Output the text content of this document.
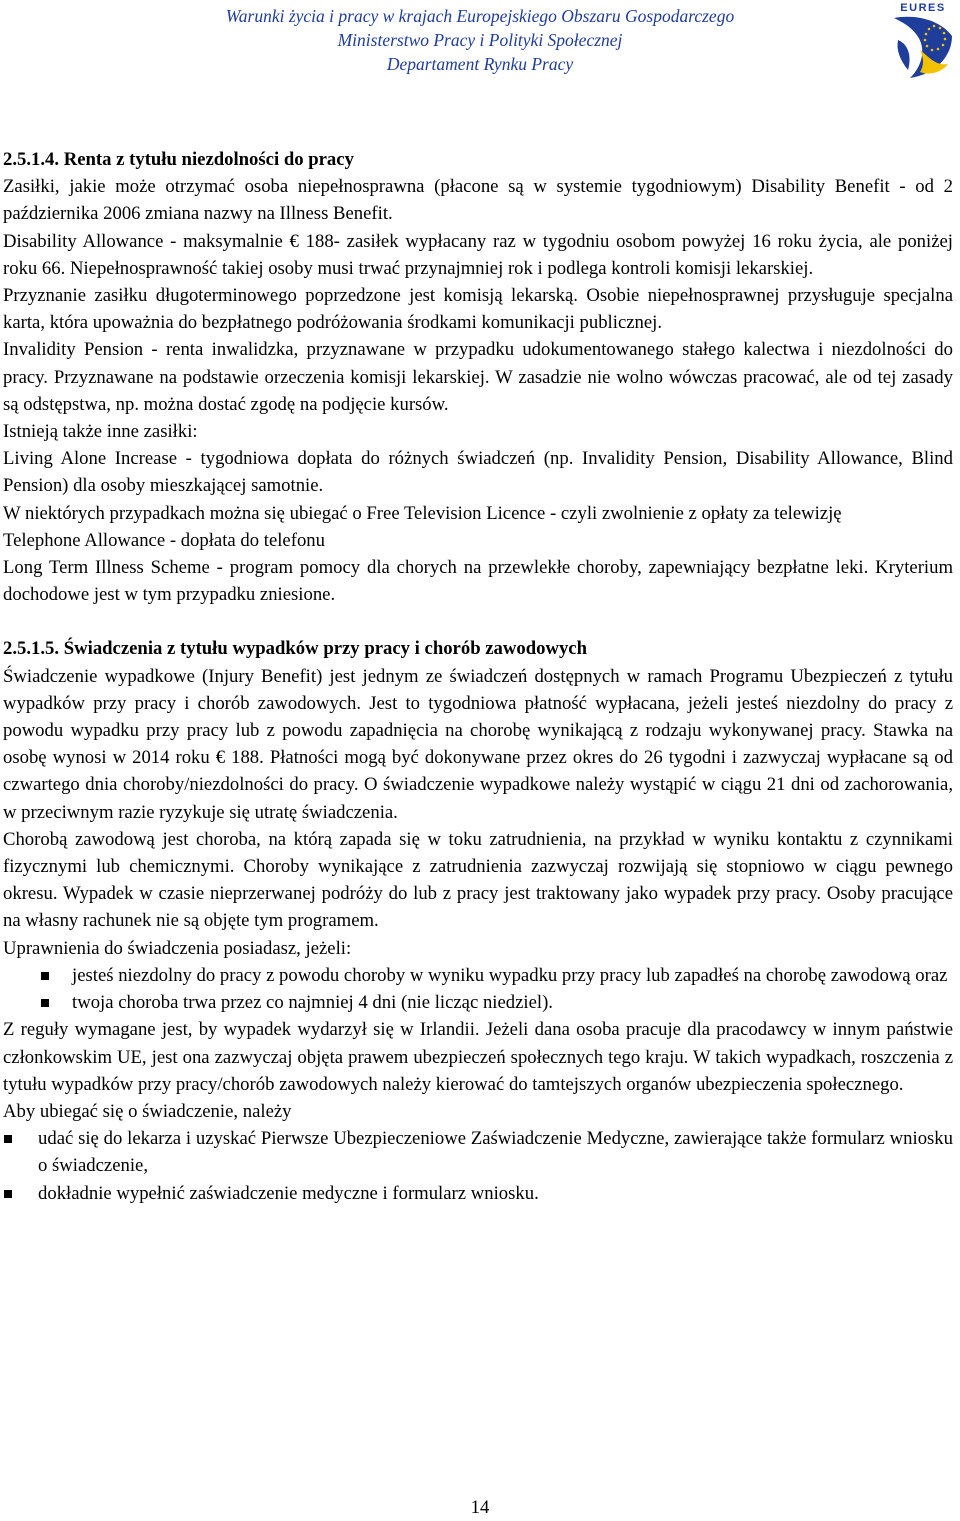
Warunki życia i pracy w krajach Europejskiego Obszaru Gospodarczego
Ministerstwo Pracy i Polityki Społecznej
Departament Rynku Pracy
EURES
2.5.1.4. Renta z tytułu niezdolności do pracy

Zasiłki, jakie może otrzymać osoba niepełnosprawna (płacone są w systemie tygodniowym) Disability Benefit - od 2 października 2006 zmiana nazwy na Illness Benefit.

Disability Allowance - maksymalnie € 188- zasiłek wypłacany raz w tygodniu osobom powyżej 16 roku życia, ale poniżej roku 66. Niepełnosprawność takiej osoby musi trwać przynajmniej rok i podlega kontroli komisji lekarskiej.

Przyznanie zasiłku długoterminowego poprzedzone jest komisją lekarską. Osobie niepełnosprawnej przysługuje specjalna karta, która upoważnia do bezpłatnego podróżowania środkami komunikacji publicznej.

Invalidity Pension - renta inwalidzka, przyznawane w przypadku udokumentowanego stałego kalectwa i niezdolności do pracy. Przyznawane na podstawie orzeczenia komisji lekarskiej. W zasadzie nie wolno wówczas pracować, ale od tej zasady są odstępstwa, np. można dostać zgodę na podjęcie kursów.

Istnieją także inne zasiłki:

Living Alone Increase - tygodniowa dopłata do różnych świadczeń (np. Invalidity Pension, Disability Allowance, Blind Pension) dla osoby mieszkającej samotnie.

W niektórych przypadkach można się ubiegać o Free Television Licence - czyli zwolnienie z opłaty za telewizję

Telephone Allowance - dopłata do telefonu

Long Term Illness Scheme - program pomocy dla chorych na przewlekłe choroby, zapewniający bezpłatne leki. Kryterium dochodowe jest w tym przypadku zniesione.

2.5.1.5. Świadczenia z tytułu wypadków przy pracy i chorób zawodowych

Świadczenie wypadkowe (Injury Benefit) jest jednym ze świadczeń dostępnych w ramach Programu Ubezpieczeń z tytułu wypadków przy pracy i chorób zawodowych. Jest to tygodniowa płatność wypłacana, jeżeli jesteś niezdolny do pracy z powodu wypadku przy pracy lub z powodu zapadnięcia na chorobę wynikającą z rodzaju wykonywanej pracy. Stawka na osobę wynosi w 2014 roku € 188. Płatności mogą być dokonywane przez okres do 26 tygodni i zazwyczaj wypłacane są od czwartego dnia choroby/niezdolności do pracy. O świadczenie wypadkowe należy wystąpić w ciągu 21 dni od zachorowania, w przeciwnym razie ryzykuje się utratę świadczenia.

Chorobą zawodową jest choroba, na którą zapada się w toku zatrudnienia, na przykład w wyniku kontaktu z czynnikami fizycznymi lub chemicznymi. Choroby wynikające z zatrudnienia zazwyczaj rozwijają się stopniowo w ciągu pewnego okresu. Wypadek w czasie nieprzerwanej podróży do lub z pracy jest traktowany jako wypadek przy pracy. Osoby pracujące na własny rachunek nie są objęte tym programem.

Uprawnienia do świadczenia posiadasz, jeżeli:

jesteś niezdolny do pracy z powodu choroby w wyniku wypadku przy pracy lub zapadłeś na chorobę zawodową oraz
twoja choroba trwa przez co najmniej 4 dni (nie licząc niedziel).

Z reguły wymagane jest, by wypadek wydarzył się w Irlandii. Jeżeli dana osoba pracuje dla pracodawcy w innym państwie członkowskim UE, jest ona zazwyczaj objęta prawem ubezpieczeń społecznych tego kraju. W takich wypadkach, roszczenia z tytułu wypadków przy pracy/chorób zawodowych należy kierować do tamtejszych organów ubezpieczenia społecznego.

Aby ubiegać się o świadczenie, należy

udać się do lekarza i uzyskać Pierwsze Ubezpieczeniowe Zaświadczenie Medyczne, zawierające także formularz wniosku o świadczenie,
dokładnie wypełnić zaświadczenie medyczne i formularz wniosku.
14
